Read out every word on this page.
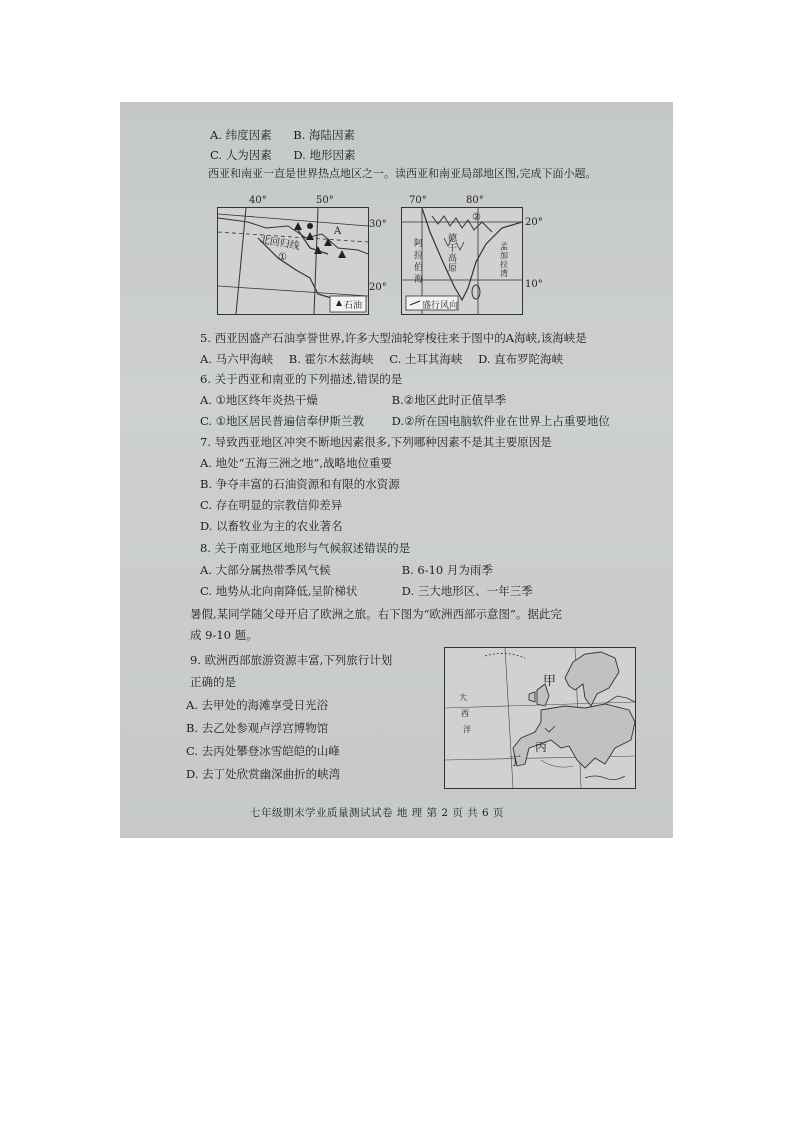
A. 纬度因素 B. 海陆因素
C. 人为因素 D. 地形因素
西亚和南亚一直是世界热点地区之一。读西亚和南亚局部地区图,完成下面小题。
北回归线
①
A
石油
40°	50°
30°
20°
②
德干高原
阿拉伯海
孟加拉湾
盛行风向
70°	80°
20°
10°
5. 西亚因盛产石油享誉世界,许多大型油轮穿梭往来于图中的A海峡,该海峡是
A. 马六甲海峡 B. 霍尔木兹海峡 C. 土耳其海峡 D. 直布罗陀海峡
6. 关于西亚和南亚的下列描述,错误的是
A. ①地区终年炎热干燥	B.②地区此时正值旱季
C. ①地区居民普遍信奉伊斯兰教 D.②所在国电脑软件业在世界上占重要地位
7. 导致西亚地区冲突不断地因素很多,下列哪种因素不是其主要原因是
A. 地处“五海三洲之地”,战略地位重要
B. 争夺丰富的石油资源和有限的水资源
C. 存在明显的宗教信仰差异
D. 以畜牧业为主的农业著名
8. 关于南亚地区地形与气候叙述错误的是
A. 大部分属热带季风气候	B. 6-10 月为雨季
C. 地势从北向南降低,呈阶梯状	D. 三大地形区、一年三季
暑假,某同学随父母开启了欧洲之旅。右下图为“欧洲西部示意图”。据此完
成 9-10 题。
9. 欧洲西部旅游资源丰富,下列旅行计划
正确的是
A. 去甲处的海滩享受日光浴
B. 去乙处参观卢浮宫博物馆
C. 去丙处攀登冰雪皑皑的山峰
D. 去丁处欣赏幽深曲折的峡湾
甲
丙
丁
大
西
洋
七年级期末学业质量测试试卷 地 理 第 2 页 共 6 页
